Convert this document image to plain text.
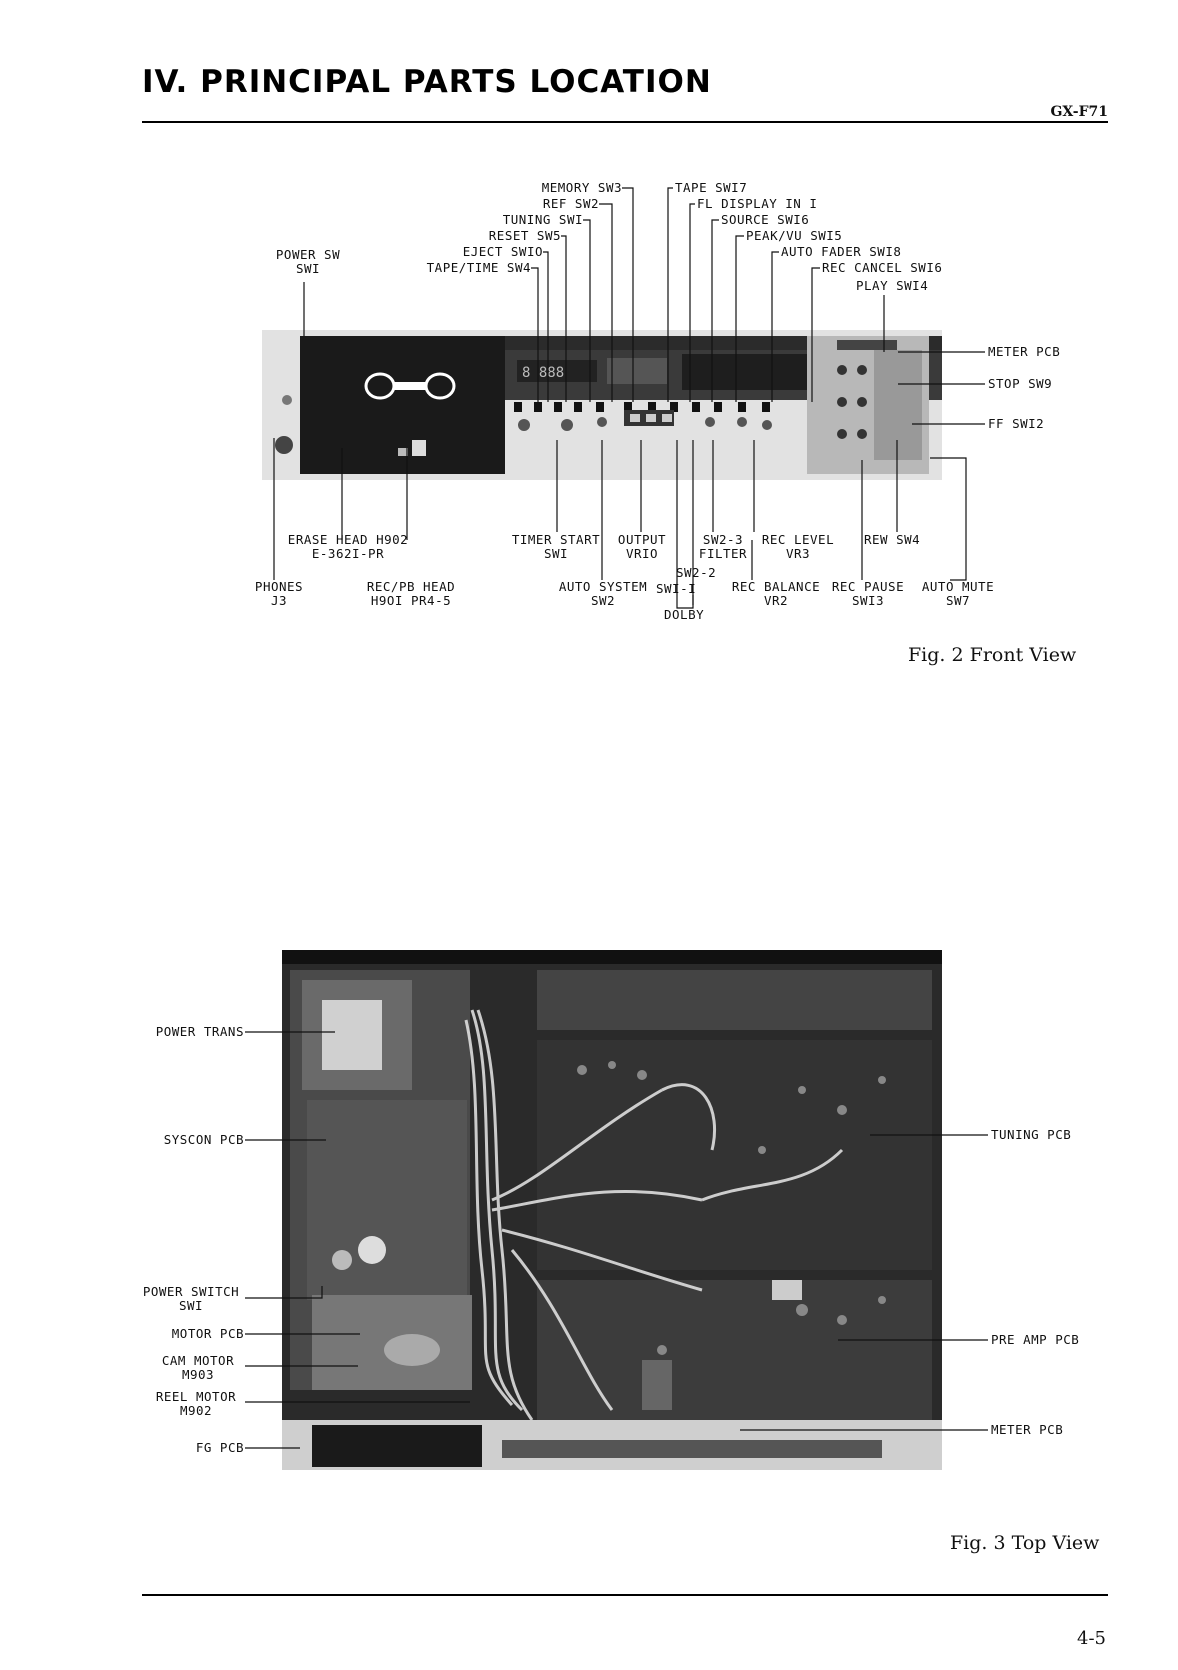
IV. PRINCIPAL PARTS LOCATION
GX-F71
8 888
MEMORY SW3
REF SW2
TUNING SWI
RESET SW5
EJECT SWIO
TAPE/TIME SW4
POWER SW
SWI
TAPE SWI7
FL DISPLAY IN I
SOURCE SWI6
PEAK/VU SWI5
AUTO FADER SWI8
REC CANCEL SWI6
PLAY SWI4
METER PCB
STOP SW9
FF SWI2
ERASE HEAD H902
E-362I-PR
PHONES
J3
REC/PB HEAD
H9OI PR4-5
TIMER START
SWI
OUTPUT
VRIO
AUTO SYSTEM
SW2
SW2-3
FILTER
SW2-2
SWI-I
DOLBY
REC LEVEL
VR3
REC BALANCE
VR2
REW SW4
REC PAUSE
SWI3
AUTO MUTE
SW7
Fig. 2 Front View
POWER TRANS
SYSCON PCB
POWER SWITCH
SWI
MOTOR PCB
CAM MOTOR
M903
REEL MOTOR
M902
FG PCB
TUNING PCB
PRE AMP PCB
METER PCB
Fig. 3 Top View
4-5
